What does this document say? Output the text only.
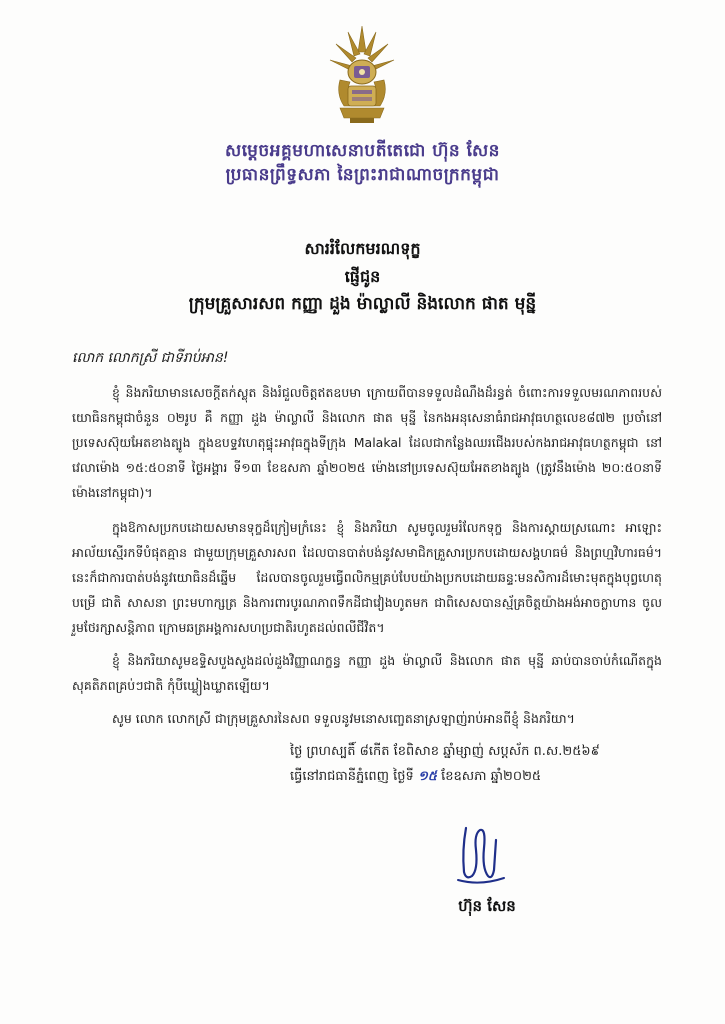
សម្តេចអគ្គមហាសេនាបតីតេជោ ហ៊ុន សែន
ប្រធានព្រឹទ្ធសភា នៃព្រះរាជាណាចក្រកម្ពុជា
សាររំលែកមរណទុក្ខ
ផ្ញើជូន
ក្រុមគ្រួសារសព កញ្ញា ដួង ម៉ាល្លាលី និងលោក ផាត មុន្នី
លោក លោកស្រី ជាទីរាប់អាន!
ខ្ញុំ និងភរិយាមានសេចក្តីតក់ស្លុត និងរំជួលចិត្តឥតឧបមា ក្រោយពីបានទទួលដំណឹងដ៏រន្ធត់ ចំពោះការទទួលមរណភាពរបស់យោធិនកម្ពុជាចំនួន ០២រូប គឺ កញ្ញា ដួង ម៉ាល្លាលី និងលោក ផាត មុន្នី នៃកងអនុសេនាធំរាជអាវុធហត្ថលេខ៨៧២ ប្រចាំនៅប្រទេសស៊ុយអែតខាងត្បូង ក្នុងឧបទ្ទវហេតុផ្ទុះអាវុធក្នុងទីក្រុង Malakal ដែលជាកន្លែងឈរជើងរបស់កងរាជអាវុធហត្ថកម្ពុជា នៅវេលាម៉ោង ១៥:៥០នាទី ថ្ងៃអង្គារ ទី១៣ ខែឧសភា ឆ្នាំ២០២៥ ម៉ោងនៅប្រទេសស៊ុយអែតខាងត្បូង (ត្រូវនឹងម៉ោង ២០:៥០នាទី ម៉ោងនៅកម្ពុជា)។
ក្នុងឱកាសប្រកបដោយសមានទុក្ខដ៏ក្រៀមក្រំនេះ ខ្ញុំ និងភរិយា សូមចូលរួមរំលែកទុក្ខ និងការស្តាយស្រណោះ អាឡោះអាល័យស្មើរកទីបំផុតគ្មាន ជាមួយក្រុមគ្រួសារសព ដែលបានបាត់បង់នូវសមាជិកគ្រួសារប្រកបដោយសង្គហធម៌ និងព្រហ្មវិហារធម៌។ នេះក៏ជាការបាត់បង់នូវយោធិនដ៏ឆ្នើម ដែលបានចូលរួមធ្វើពលិកម្មគ្រប់បែបយ៉ាងប្រកបដោយឆន្ទៈមនសិការដ៏មោះមុតក្នុងបុព្វហេតុបម្រើ ជាតិ សាសនា ព្រះមហាក្សត្រ និងការពារបូរណភាពទឹកដីជាវៀងហូតមក ជាពិសេសបានស្ម័គ្រចិត្តយ៉ាងអង់អាចក្លាហាន ចូលរួមថែរក្សាសន្តិភាព ក្រោមឆត្រអង្គការសហប្រជាតិរហូតដល់ពលីជីវិត។
ខ្ញុំ និងភរិយាសូមឧទ្ទិសបួងសួងដល់ដួងវិញ្ញាណក្ខន្ធ កញ្ញា ដួង ម៉ាល្លាលី និងលោក ផាត មុន្នី ឆាប់បានចាប់កំណើតក្នុងសុគតិភពគ្រប់ៗជាតិ កុំបីឃ្លៀងឃ្លាតឡើយ។
សូម លោក លោកស្រី ជាក្រុមគ្រួសារនៃសព ទទួលនូវមនោសញ្ចេតនាស្រឡាញ់រាប់អានពីខ្ញុំ និងភរិយា។
ថ្ងៃ ព្រហស្បតិ៍ ៨កើត ខែពិសាខ ឆ្នាំម្សាញ់ សប្តស័ក ព.ស.២៥៦៩
ធ្វើនៅរាជធានីភ្នំពេញ ថ្ងៃទី ១៥ ខែឧសភា ឆ្នាំ២០២៥
ហ៊ុន សែន
